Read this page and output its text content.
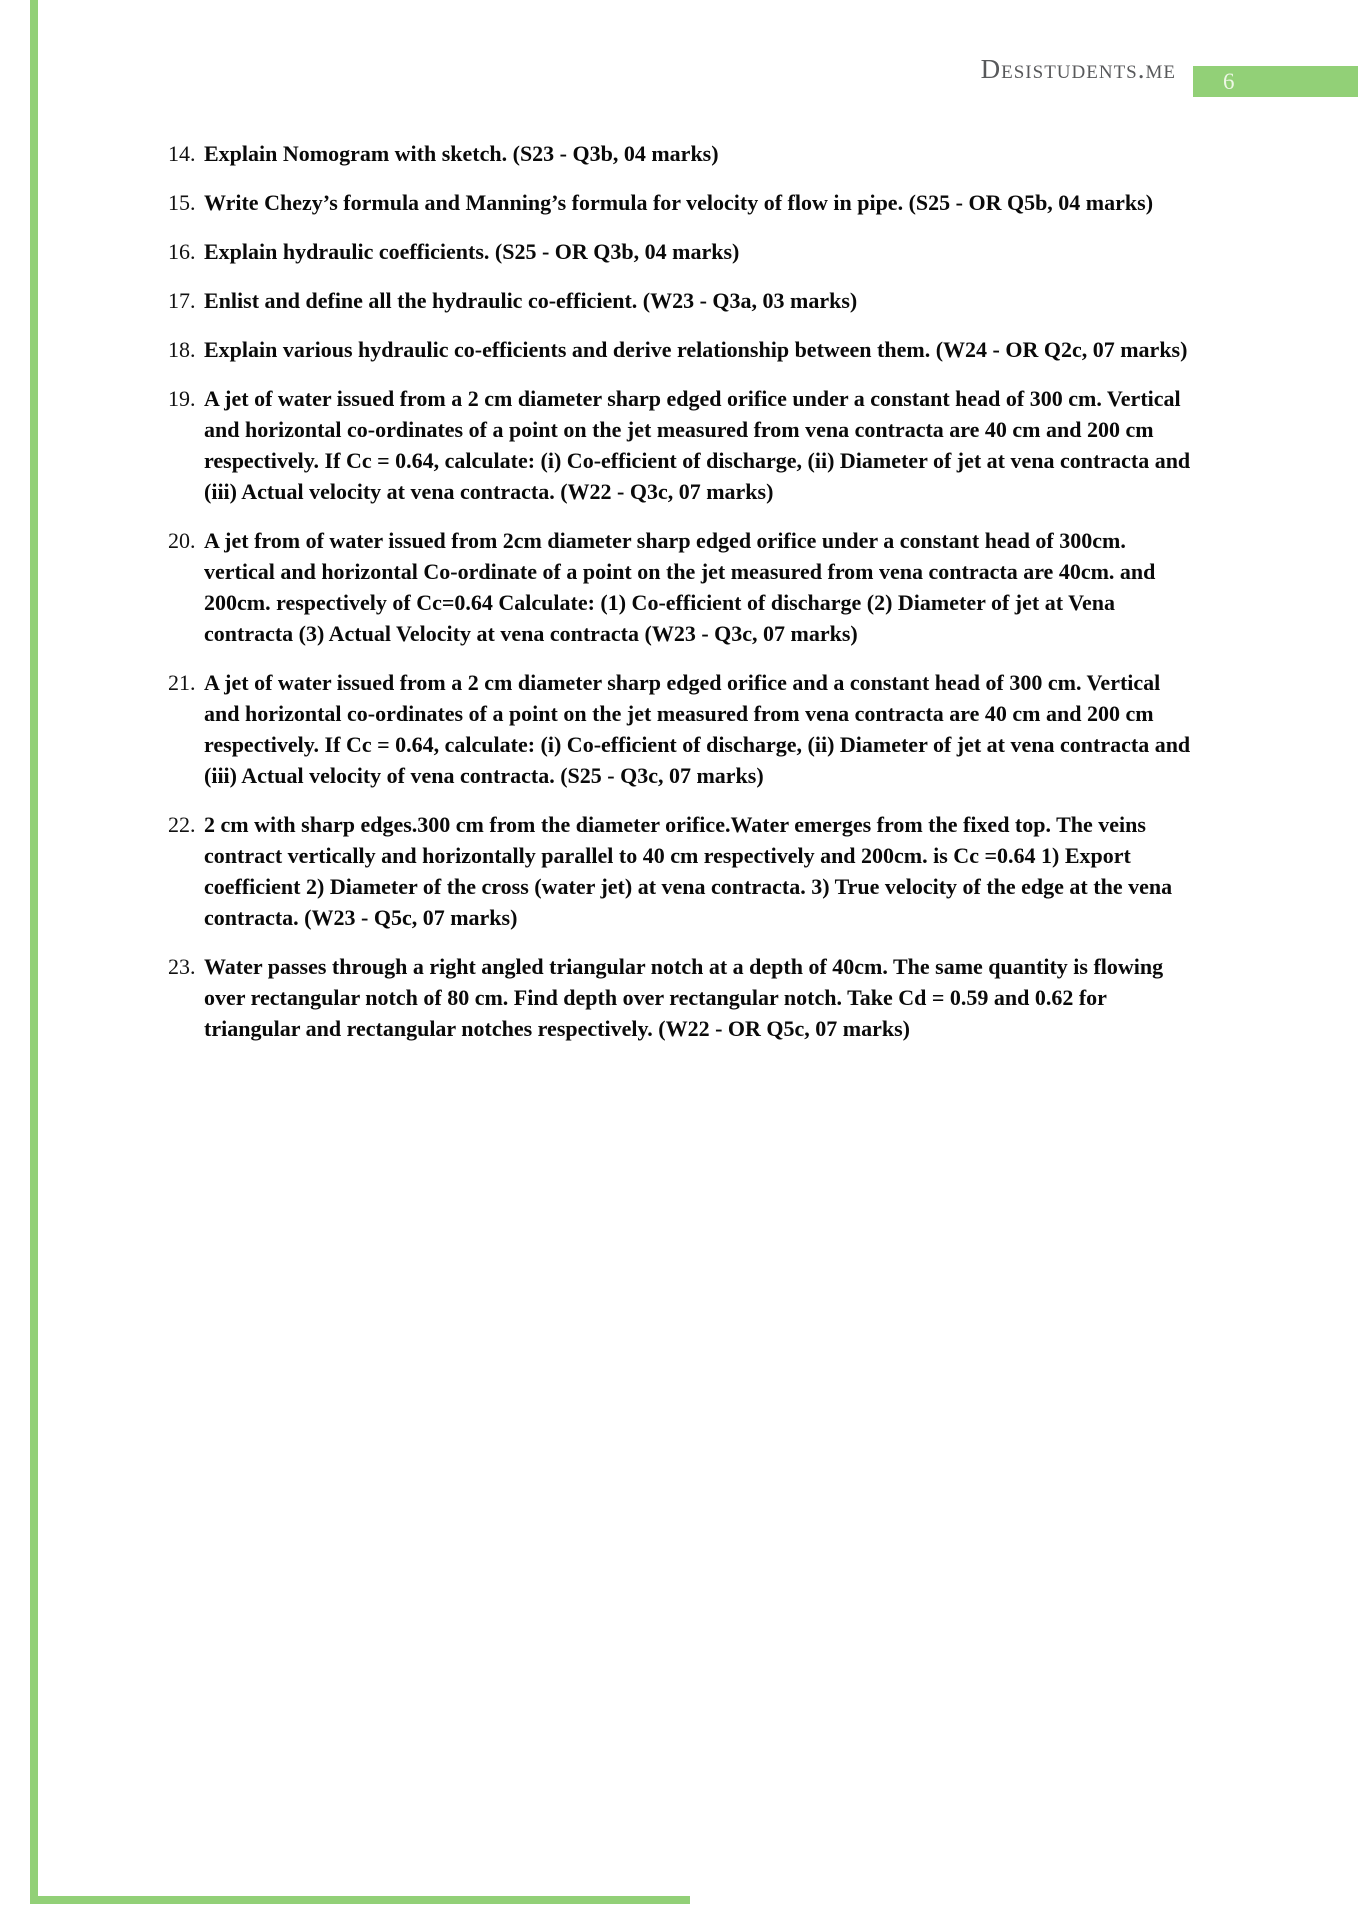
Desistudents.me 6
14. Explain Nomogram with sketch. (S23 - Q3b, 04 marks)
15. Write Chezy’s formula and Manning’s formula for velocity of flow in pipe. (S25 - OR Q5b, 04 marks)
16. Explain hydraulic coefficients. (S25 - OR Q3b, 04 marks)
17. Enlist and define all the hydraulic co-efficient. (W23 - Q3a, 03 marks)
18. Explain various hydraulic co-efficients and derive relationship between them. (W24 - OR Q2c, 07 marks)
19. A jet of water issued from a 2 cm diameter sharp edged orifice under a constant head of 300 cm. Vertical and horizontal co-ordinates of a point on the jet measured from vena contracta are 40 cm and 200 cm respectively. If Cc = 0.64, calculate: (i) Co-efficient of discharge, (ii) Diameter of jet at vena contracta and (iii) Actual velocity at vena contracta. (W22 - Q3c, 07 marks)
20. A jet from of water issued from 2cm diameter sharp edged orifice under a constant head of 300cm. vertical and horizontal Co-ordinate of a point on the jet measured from vena contracta are 40cm. and 200cm. respectively of Cc=0.64 Calculate: (1) Co-efficient of discharge (2) Diameter of jet at Vena contracta (3) Actual Velocity at vena contracta (W23 - Q3c, 07 marks)
21. A jet of water issued from a 2 cm diameter sharp edged orifice and a constant head of 300 cm. Vertical and horizontal co-ordinates of a point on the jet measured from vena contracta are 40 cm and 200 cm respectively. If Cc = 0.64, calculate: (i) Co-efficient of discharge, (ii) Diameter of jet at vena contracta and (iii) Actual velocity of vena contracta. (S25 - Q3c, 07 marks)
22. 2 cm with sharp edges.300 cm from the diameter orifice.Water emerges from the fixed top. The veins contract vertically and horizontally parallel to 40 cm respectively and 200cm. is Cc =0.64 1) Export coefficient 2) Diameter of the cross (water jet) at vena contracta. 3) True velocity of the edge at the vena contracta. (W23 - Q5c, 07 marks)
23. Water passes through a right angled triangular notch at a depth of 40cm. The same quantity is flowing over rectangular notch of 80 cm. Find depth over rectangular notch. Take Cd = 0.59 and 0.62 for triangular and rectangular notches respectively. (W22 - OR Q5c, 07 marks)
